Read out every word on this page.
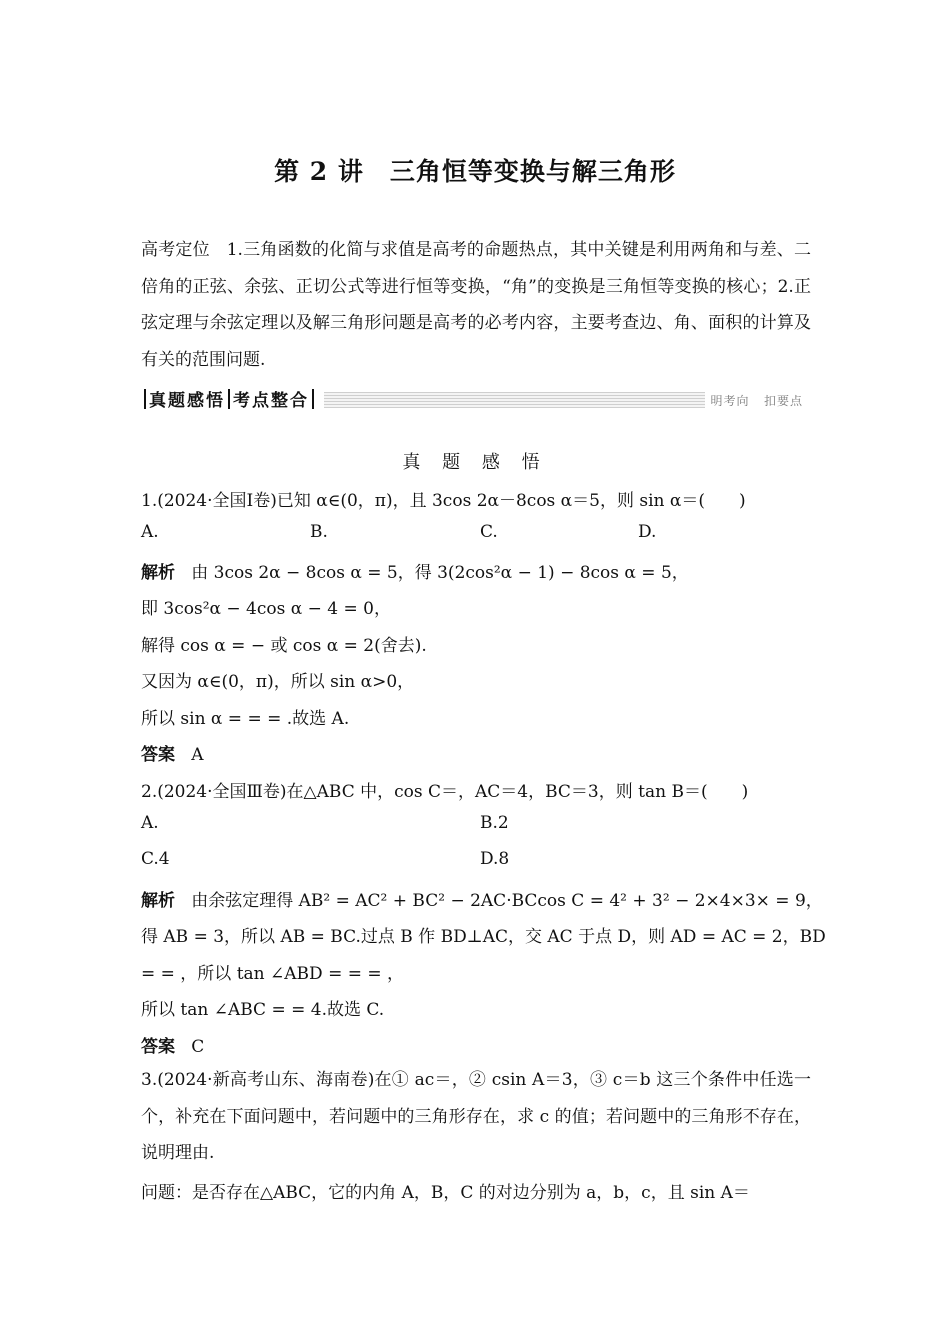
第 2 讲　三角恒等变换与解三角形
高考定位 1.三角函数的化简与求值是高考的命题热点，其中关键是利用两角和与差、二倍角的正弦、余弦、正切公式等进行恒等变换，“角”的变换是三角恒等变换的核心；2.正弦定理与余弦定理以及解三角形问题是高考的必考内容，主要考查边、角、面积的计算及有关的范围问题.
真题感悟 考点整合	明考向 扣要点
真 题 感 悟
1.(2024·全国Ⅰ卷)已知 α∈(0，π)，且 3cos 2α－8cos α＝5，则 sin α＝(　　)
A.	B.	C.	D.
解析 由 3cos 2α − 8cos α = 5，得 3(2cos²α − 1) − 8cos α = 5，
即 3cos²α − 4cos α − 4 = 0，
解得 cos α = − 或 cos α = 2(舍去).
又因为 α∈(0，π)，所以 sin α>0，
所以 sin α = = = .故选 A.
答案 A
2.(2024·全国Ⅲ卷)在△ABC 中，cos C＝，AC＝4，BC＝3，则 tan B＝(　　)
A.	B.2
C.4	D.8
解析 由余弦定理得 AB² = AC² + BC² − 2AC·BCcos C = 4² + 3² − 2×4×3× = 9，
得 AB = 3，所以 AB = BC.过点 B 作 BD⊥AC，交 AC 于点 D，则 AD = AC = 2，BD
= = ，所以 tan ∠ABD = = = ，
所以 tan ∠ABC = = 4.故选 C.
答案 C
3.(2024·新高考山东、海南卷)在① ac＝，② csin A＝3，③ c＝b 这三个条件中任选一个，补充在下面问题中，若问题中的三角形存在，求 c 的值；若问题中的三角形不存在，说明理由.
问题：是否存在△ABC，它的内角 A，B，C 的对边分别为 a，b，c，且 sin A＝
